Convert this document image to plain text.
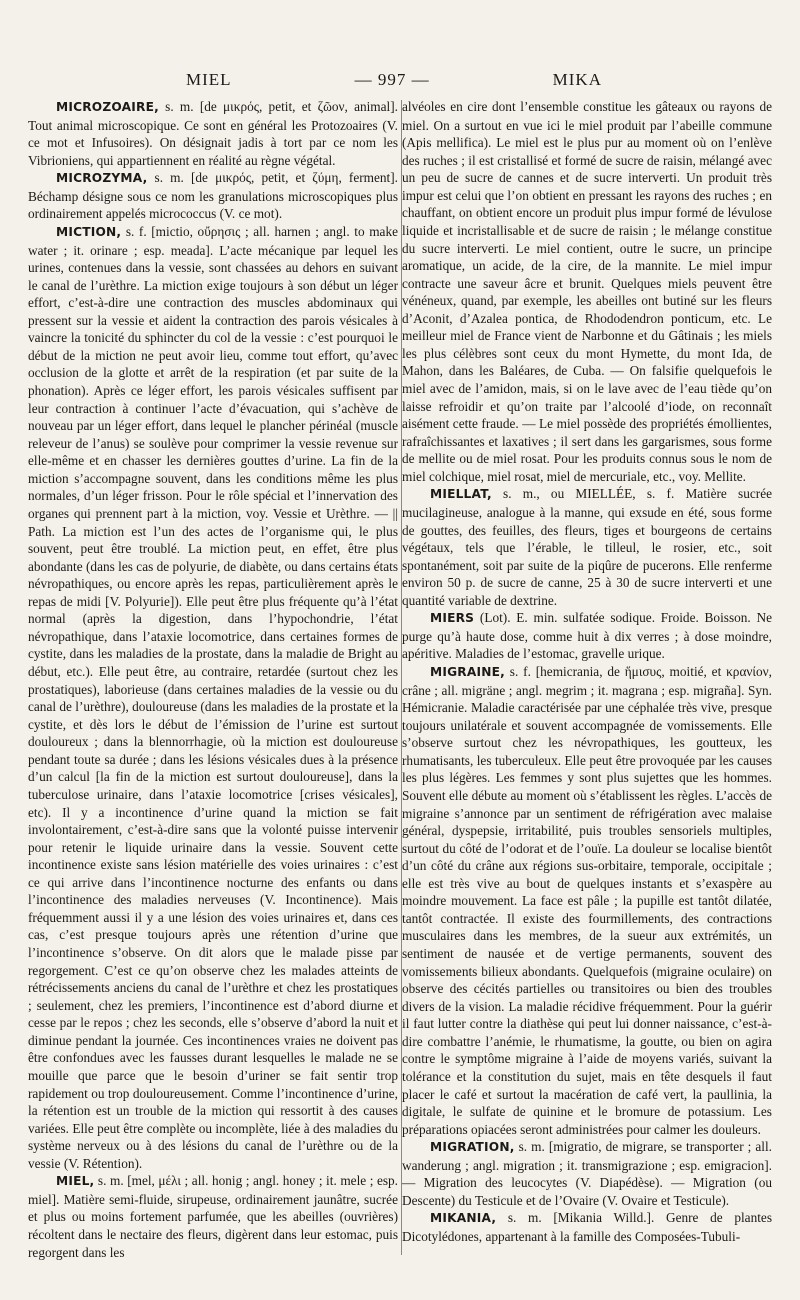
MIEL	— 997 —	MIKA

MICROZOAIRE, s. m. [de μικρός, petit, et ζῶον, animal]. Tout animal microscopique. Ce sont en général les Protozoaires (V. ce mot et Infusoires). On désignait jadis à tort par ce nom les Vibrioniens, qui appartiennent en réalité au règne végétal.

MICROZYMA, s. m. [de μικρός, petit, et ζύμη, ferment]. Béchamp désigne sous ce nom les granulations microscopiques plus ordinairement appelés micrococcus (V. ce mot).

MICTION, s. f. [mictio, οὔρησις ; all. harnen ; angl. to make water ; it. orinare ; esp. meada]. L’acte mécanique par lequel les urines, contenues dans la vessie, sont chassées au dehors en suivant le canal de l’urèthre. La miction exige toujours à son début un léger effort, c’est-à-dire une contraction des muscles abdominaux qui pressent sur la vessie et aident la contraction des parois vésicales à vaincre la tonicité du sphincter du col de la vessie : c’est pourquoi le début de la miction ne peut avoir lieu, comme tout effort, qu’avec occlusion de la glotte et arrêt de la respiration (et par suite de la phonation). Après ce léger effort, les parois vésicales suffisent par leur contraction à continuer l’acte d’évacuation, qui s’achève de nouveau par un léger effort, dans lequel le plancher périnéal (muscle releveur de l’anus) se soulève pour comprimer la vessie revenue sur elle-même et en chasser les dernières gouttes d’urine. La fin de la miction s’accompagne souvent, dans les conditions même les plus normales, d’un léger frisson. Pour le rôle spécial et l’innervation des organes qui prennent part à la miction, voy. Vessie et Urèthre. — || Path. La miction est l’un des actes de l’organisme qui, le plus souvent, peut être troublé. La miction peut, en effet, être plus abondante (dans les cas de polyurie, de diabète, ou dans certains états névropathiques, ou encore après les repas, particulièrement après le repas de midi [V. Polyurie]). Elle peut être plus fréquente qu’à l’état normal (après la digestion, dans l’hypochondrie, l’état névropathique, dans l’ataxie locomotrice, dans certaines formes de cystite, dans les maladies de la prostate, dans la maladie de Bright au début, etc.). Elle peut être, au contraire, retardée (surtout chez les prostatiques), laborieuse (dans certaines maladies de la vessie ou du canal de l’urèthre), douloureuse (dans les maladies de la prostate et la cystite, et dès lors le début de l’émission de l’urine est surtout douloureux ; dans la blennorrhagie, où la miction est douloureuse pendant toute sa durée ; dans les lésions vésicales dues à la présence d’un calcul [la fin de la miction est surtout douloureuse], dans la tuberculose urinaire, dans l’ataxie locomotrice [crises vésicales], etc). Il y a incontinence d’urine quand la miction se fait involontairement, c’est-à-dire sans que la volonté puisse intervenir pour retenir le liquide urinaire dans la vessie. Souvent cette incontinence existe sans lésion matérielle des voies urinaires : c’est ce qui arrive dans l’incontinence nocturne des enfants ou dans l’incontinence des maladies nerveuses (V. Incontinence). Mais fréquemment aussi il y a une lésion des voies urinaires et, dans ces cas, c’est presque toujours après une rétention d’urine que l’incontinence s’observe. On dit alors que le malade pisse par regorgement. C’est ce qu’on observe chez les malades atteints de rétrécissements anciens du canal de l’urèthre et chez les prostatiques ; seulement, chez les premiers, l’incontinence est d’abord diurne et cesse par le repos ; chez les seconds, elle s’observe d’abord la nuit et diminue pendant la journée. Ces incontinences vraies ne doivent pas être confondues avec les fausses durant lesquelles le malade ne se mouille que parce que le besoin d’uriner se fait sentir trop rapidement ou trop douloureusement. Comme l’incontinence d’urine, la rétention est un trouble de la miction qui ressortit à des causes variées. Elle peut être complète ou incomplète, liée à des maladies du système nerveux ou à des lésions du canal de l’urèthre ou de la vessie (V. Rétention).

MIEL, s. m. [mel, μέλι ; all. honig ; angl. honey ; it. mele ; esp. miel]. Matière semi-fluide, sirupeuse, ordinairement jaunâtre, sucrée et plus ou moins fortement parfumée, que les abeilles (ouvrières) récoltent dans le nectaire des fleurs, digèrent dans leur estomac, puis regorgent dans les

alvéoles en cire dont l’ensemble constitue les gâteaux ou rayons de miel. On a surtout en vue ici le miel produit par l’abeille commune (Apis mellifica). Le miel est le plus pur au moment où on l’enlève des ruches ; il est cristallisé et formé de sucre de raisin, mélangé avec un peu de sucre de cannes et de sucre interverti. Un produit très impur est celui que l’on obtient en pressant les rayons des ruches ; en chauffant, on obtient encore un produit plus impur formé de lévulose liquide et incristallisable et de sucre de raisin ; le mélange constitue du sucre interverti. Le miel contient, outre le sucre, un principe aromatique, un acide, de la cire, de la mannite. Le miel impur contracte une saveur âcre et brunit. Quelques miels peuvent être vénéneux, quand, par exemple, les abeilles ont butiné sur les fleurs d’Aconit, d’Azalea pontica, de Rhododendron ponticum, etc. Le meilleur miel de France vient de Narbonne et du Gâtinais ; les miels les plus célèbres sont ceux du mont Hymette, du mont Ida, de Mahon, dans les Baléares, de Cuba. — On falsifie quelquefois le miel avec de l’amidon, mais, si on le lave avec de l’eau tiède qu’on laisse refroidir et qu’on traite par l’alcoolé d’iode, on reconnaît aisément cette fraude. — Le miel possède des propriétés émollientes, rafraîchissantes et laxatives ; il sert dans les gargarismes, sous forme de mellite ou de miel rosat. Pour les produits connus sous le nom de miel colchique, miel rosat, miel de mercuriale, etc., voy. Mellite.

MIELLAT, s. m., ou MIELLÉE, s. f. Matière sucrée mucilagineuse, analogue à la manne, qui exsude en été, sous forme de gouttes, des feuilles, des fleurs, tiges et bourgeons de certains végétaux, tels que l’érable, le tilleul, le rosier, etc., soit spontanément, soit par suite de la piqûre de pucerons. Elle renferme environ 50 p. de sucre de canne, 25 à 30 de sucre interverti et une quantité variable de dextrine.

MIERS (Lot). E. min. sulfatée sodique. Froide. Boisson. Ne purge qu’à haute dose, comme huit à dix verres ; à dose moindre, apéritive. Maladies de l’estomac, gravelle urique.

MIGRAINE, s. f. [hemicrania, de ἥμισυς, moitié, et κρανίον, crâne ; all. migräne ; angl. megrim ; it. magrana ; esp. migraña]. Syn. Hémicranie. Maladie caractérisée par une céphalée très vive, presque toujours unilatérale et souvent accompagnée de vomissements. Elle s’observe surtout chez les névropathiques, les goutteux, les rhumatisants, les tuberculeux. Elle peut être provoquée par les causes les plus légères. Les femmes y sont plus sujettes que les hommes. Souvent elle débute au moment où s’établissent les règles. L’accès de migraine s’annonce par un sentiment de réfrigération avec malaise général, dyspepsie, irritabilité, puis troubles sensoriels multiples, surtout du côté de l’odorat et de l’ouïe. La douleur se localise bientôt d’un côté du crâne aux régions sus-orbitaire, temporale, occipitale ; elle est très vive au bout de quelques instants et s’exaspère au moindre mouvement. La face est pâle ; la pupille est tantôt dilatée, tantôt contractée. Il existe des fourmillements, des contractions musculaires dans les membres, de la sueur aux extrémités, un sentiment de nausée et de vertige permanents, souvent des vomissements bilieux abondants. Quelquefois (migraine oculaire) on observe des cécités partielles ou transitoires ou bien des troubles divers de la vision. La maladie récidive fréquemment. Pour la guérir il faut lutter contre la diathèse qui peut lui donner naissance, c’est-à-dire combattre l’anémie, le rhumatisme, la goutte, ou bien on agira contre le symptôme migraine à l’aide de moyens variés, suivant la tolérance et la constitution du sujet, mais en tête desquels il faut placer le café et surtout la macération de café vert, la paullinia, la digitale, le sulfate de quinine et le bromure de potassium. Les préparations opiacées seront administrées pour calmer les douleurs.

MIGRATION, s. m. [migratio, de migrare, se transporter ; all. wanderung ; angl. migration ; it. transmigrazione ; esp. emigracion]. — Migration des leucocytes (V. Diapédèse). — Migration (ou Descente) du Testicule et de l’Ovaire (V. Ovaire et Testicule).

MIKANIA, s. m. [Mikania Willd.]. Genre de plantes Dicotylédones, appartenant à la famille des Composées-Tubuli-
